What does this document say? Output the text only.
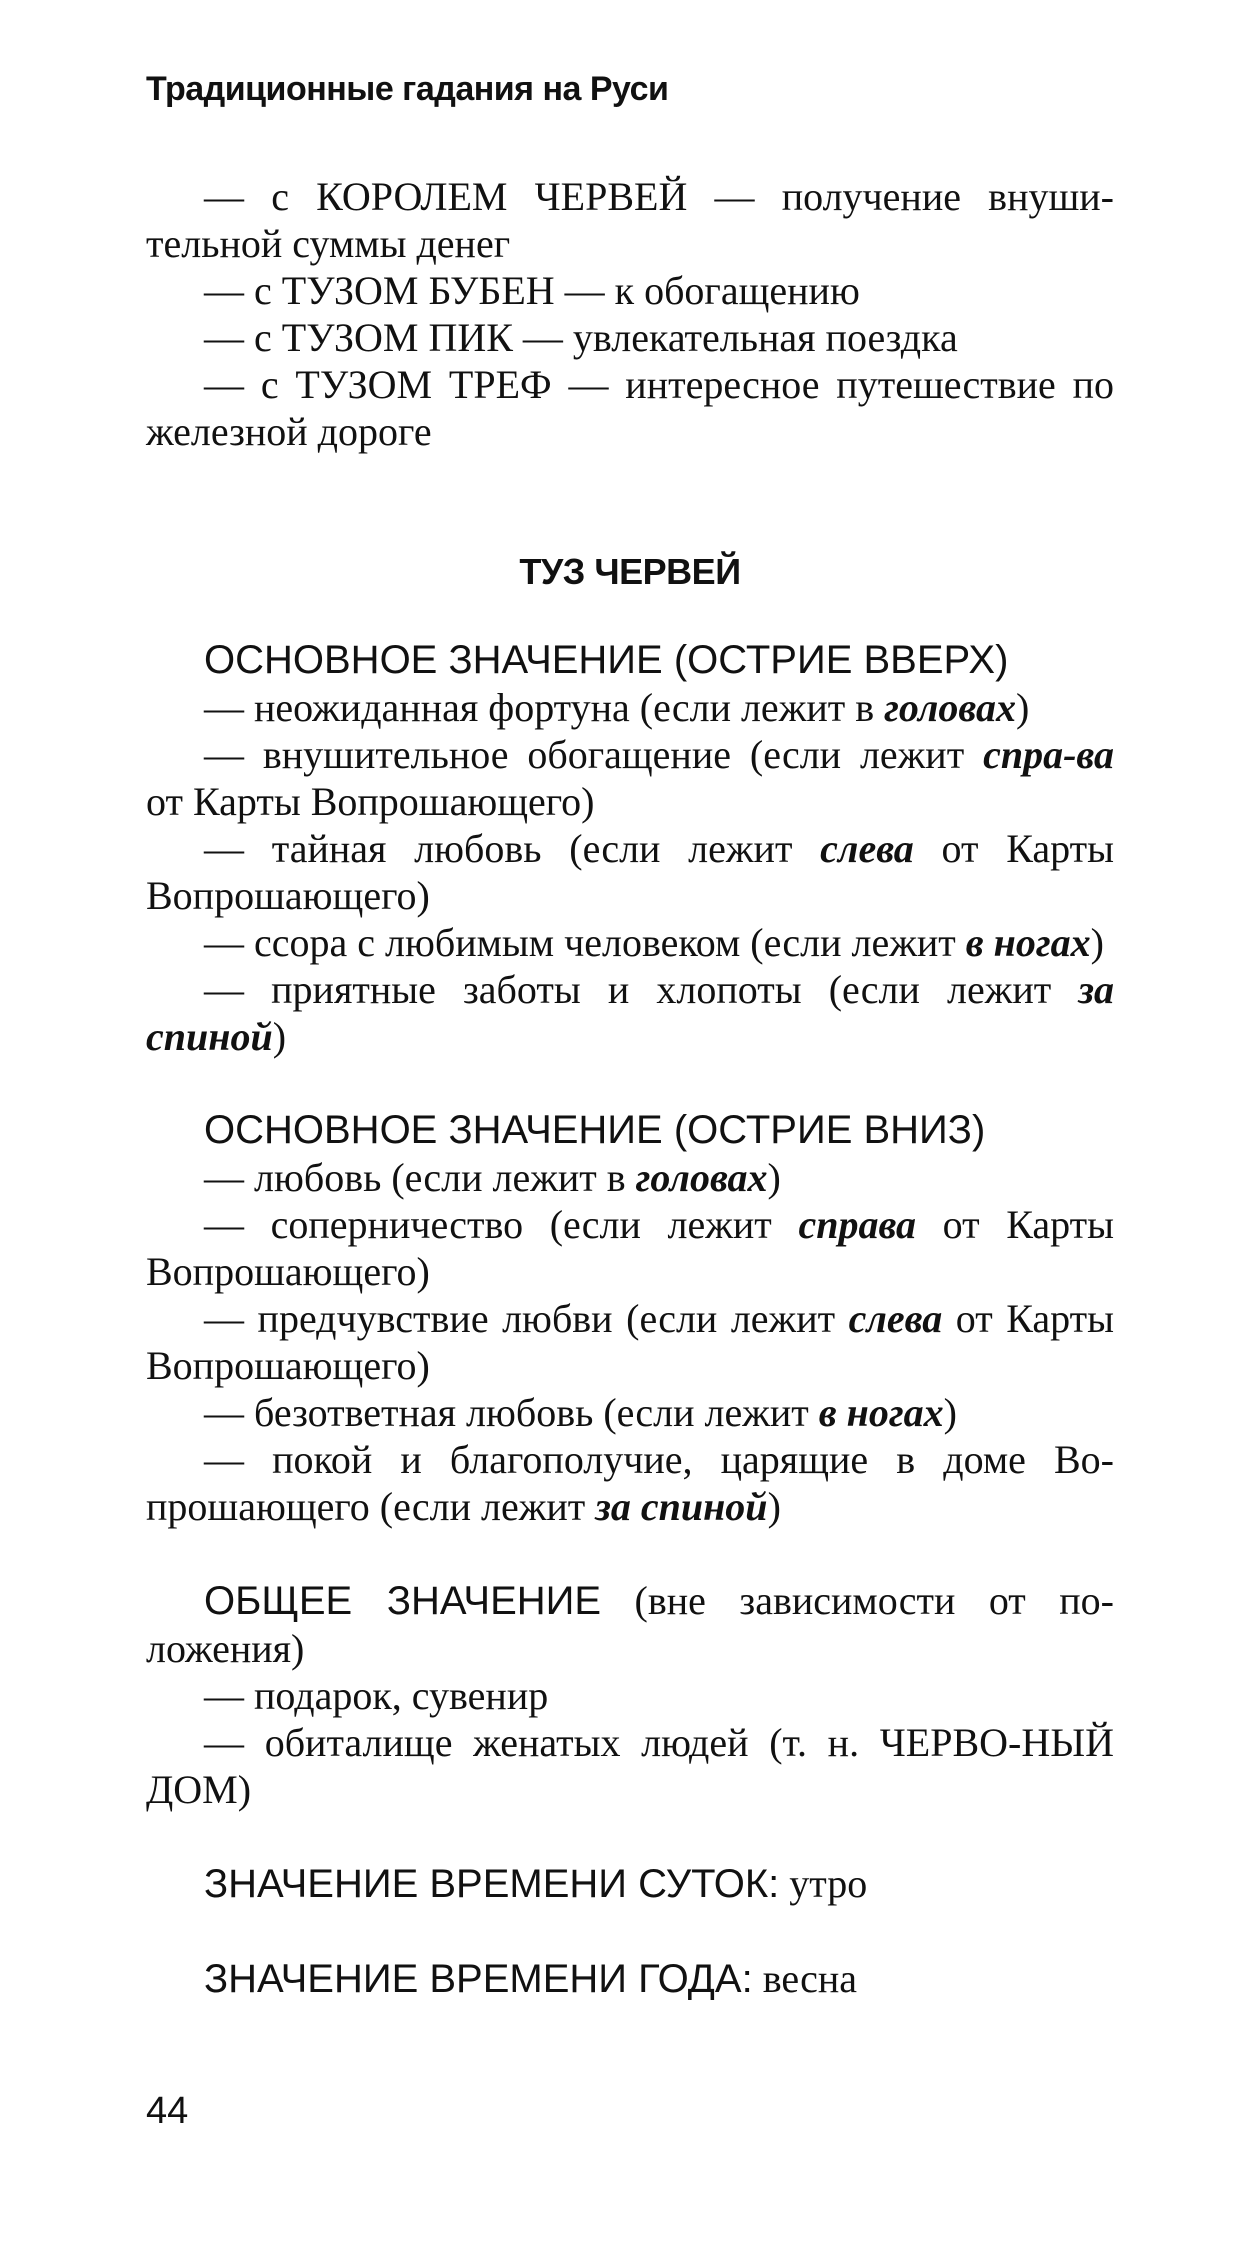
Традиционные гадания на Руси

— с КОРОЛЕМ ЧЕРВЕЙ — получение внуши-тельной суммы денег

— с ТУЗОМ БУБЕН — к обогащению

— с ТУЗОМ ПИК — увлекательная поездка

— с ТУЗОМ ТРЕФ — интересное путешествие по железной дороге

ТУЗ ЧЕРВЕЙ

ОСНОВНОЕ ЗНАЧЕНИЕ (ОСТРИЕ ВВЕРХ)

— неожиданная фортуна (если лежит в головах)

— внушительное обогащение (если лежит спра-ва от Карты Вопрошающего)

— тайная любовь (если лежит слева от Карты Вопрошающего)

— ссора с любимым человеком (если лежит в ногах)

— приятные заботы и хлопоты (если лежит за спиной)

ОСНОВНОЕ ЗНАЧЕНИЕ (ОСТРИЕ ВНИЗ)

— любовь (если лежит в головах)

— соперничество (если лежит справа от Карты Вопрошающего)

— предчувствие любви (если лежит слева от Карты Вопрошающего)

— безответная любовь (если лежит в ногах)

— покой и благополучие, царящие в доме Во-прошающего (если лежит за спиной)

ОБЩЕЕ ЗНАЧЕНИЕ (вне зависимости от по-ложения)

— подарок, сувенир

— обиталище женатых людей (т. н. ЧЕРВО-НЫЙ ДОМ)

ЗНАЧЕНИЕ ВРЕМЕНИ СУТОК: утро

ЗНАЧЕНИЕ ВРЕМЕНИ ГОДА: весна

44
